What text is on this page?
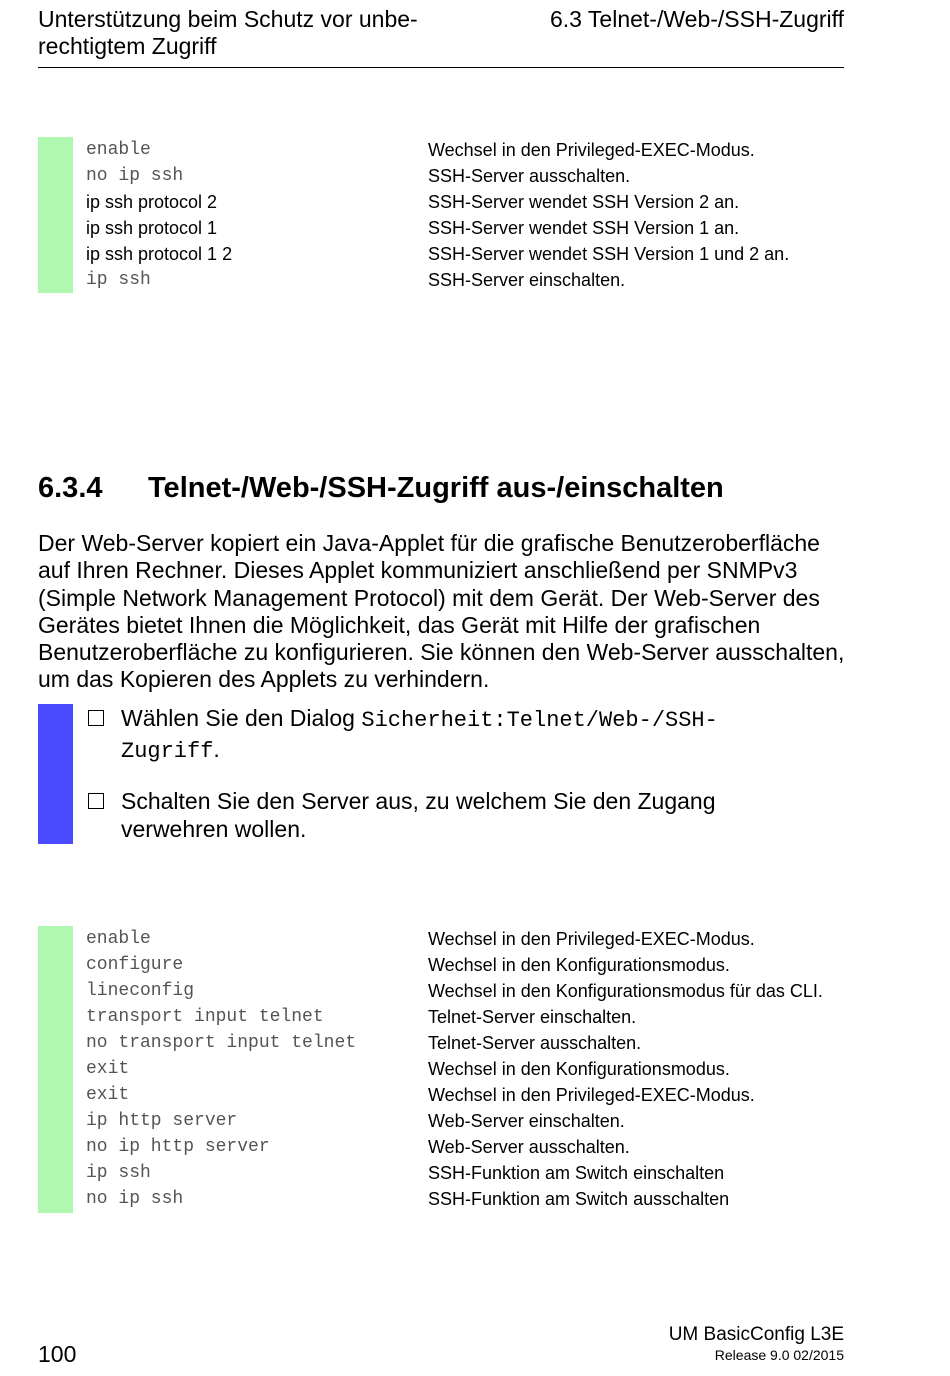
Unterstützung beim Schutz vor unbe-
rechtigtem Zugriff
6.3 Telnet-/Web-/SSH-Zugriff
enable	Wechsel in den Privileged-EXEC-Modus.
no ip ssh	SSH-Server ausschalten.
ip ssh protocol 2	SSH-Server wendet SSH Version 2 an.
ip ssh protocol 1	SSH-Server wendet SSH Version 1 an.
ip ssh protocol 1 2	SSH-Server wendet SSH Version 1 und 2 an.
ip ssh	SSH-Server einschalten.
6.3.4 Telnet-/Web-/SSH-Zugriff aus-/einschalten
Der Web-Server kopiert ein Java-Applet für die grafische Benutzeroberfläche auf Ihren Rechner. Dieses Applet kommuniziert anschließend per SNMPv3 (Simple Network Management Protocol) mit dem Gerät. Der Web-Server des Gerätes bietet Ihnen die Möglichkeit, das Gerät mit Hilfe der grafischen Benutzeroberfläche zu konfigurieren. Sie können den Web-Server ausschalten, um das Kopieren des Applets zu verhindern.
Wählen Sie den Dialog Sicherheit:Telnet/Web-/SSH-
Zugriff.
Schalten Sie den Server aus, zu welchem Sie den Zugang verwehren wollen.
enable	Wechsel in den Privileged-EXEC-Modus.
configure	Wechsel in den Konfigurationsmodus.
lineconfig	Wechsel in den Konfigurationsmodus für das CLI.
transport input telnet	Telnet-Server einschalten.
no transport input telnet	Telnet-Server ausschalten.
exit	Wechsel in den Konfigurationsmodus.
exit	Wechsel in den Privileged-EXEC-Modus.
ip http server	Web-Server einschalten.
no ip http server	Web-Server ausschalten.
ip ssh	SSH-Funktion am Switch einschalten
no ip ssh	SSH-Funktion am Switch ausschalten
100
UM BasicConfig L3E
Release 9.0 02/2015
